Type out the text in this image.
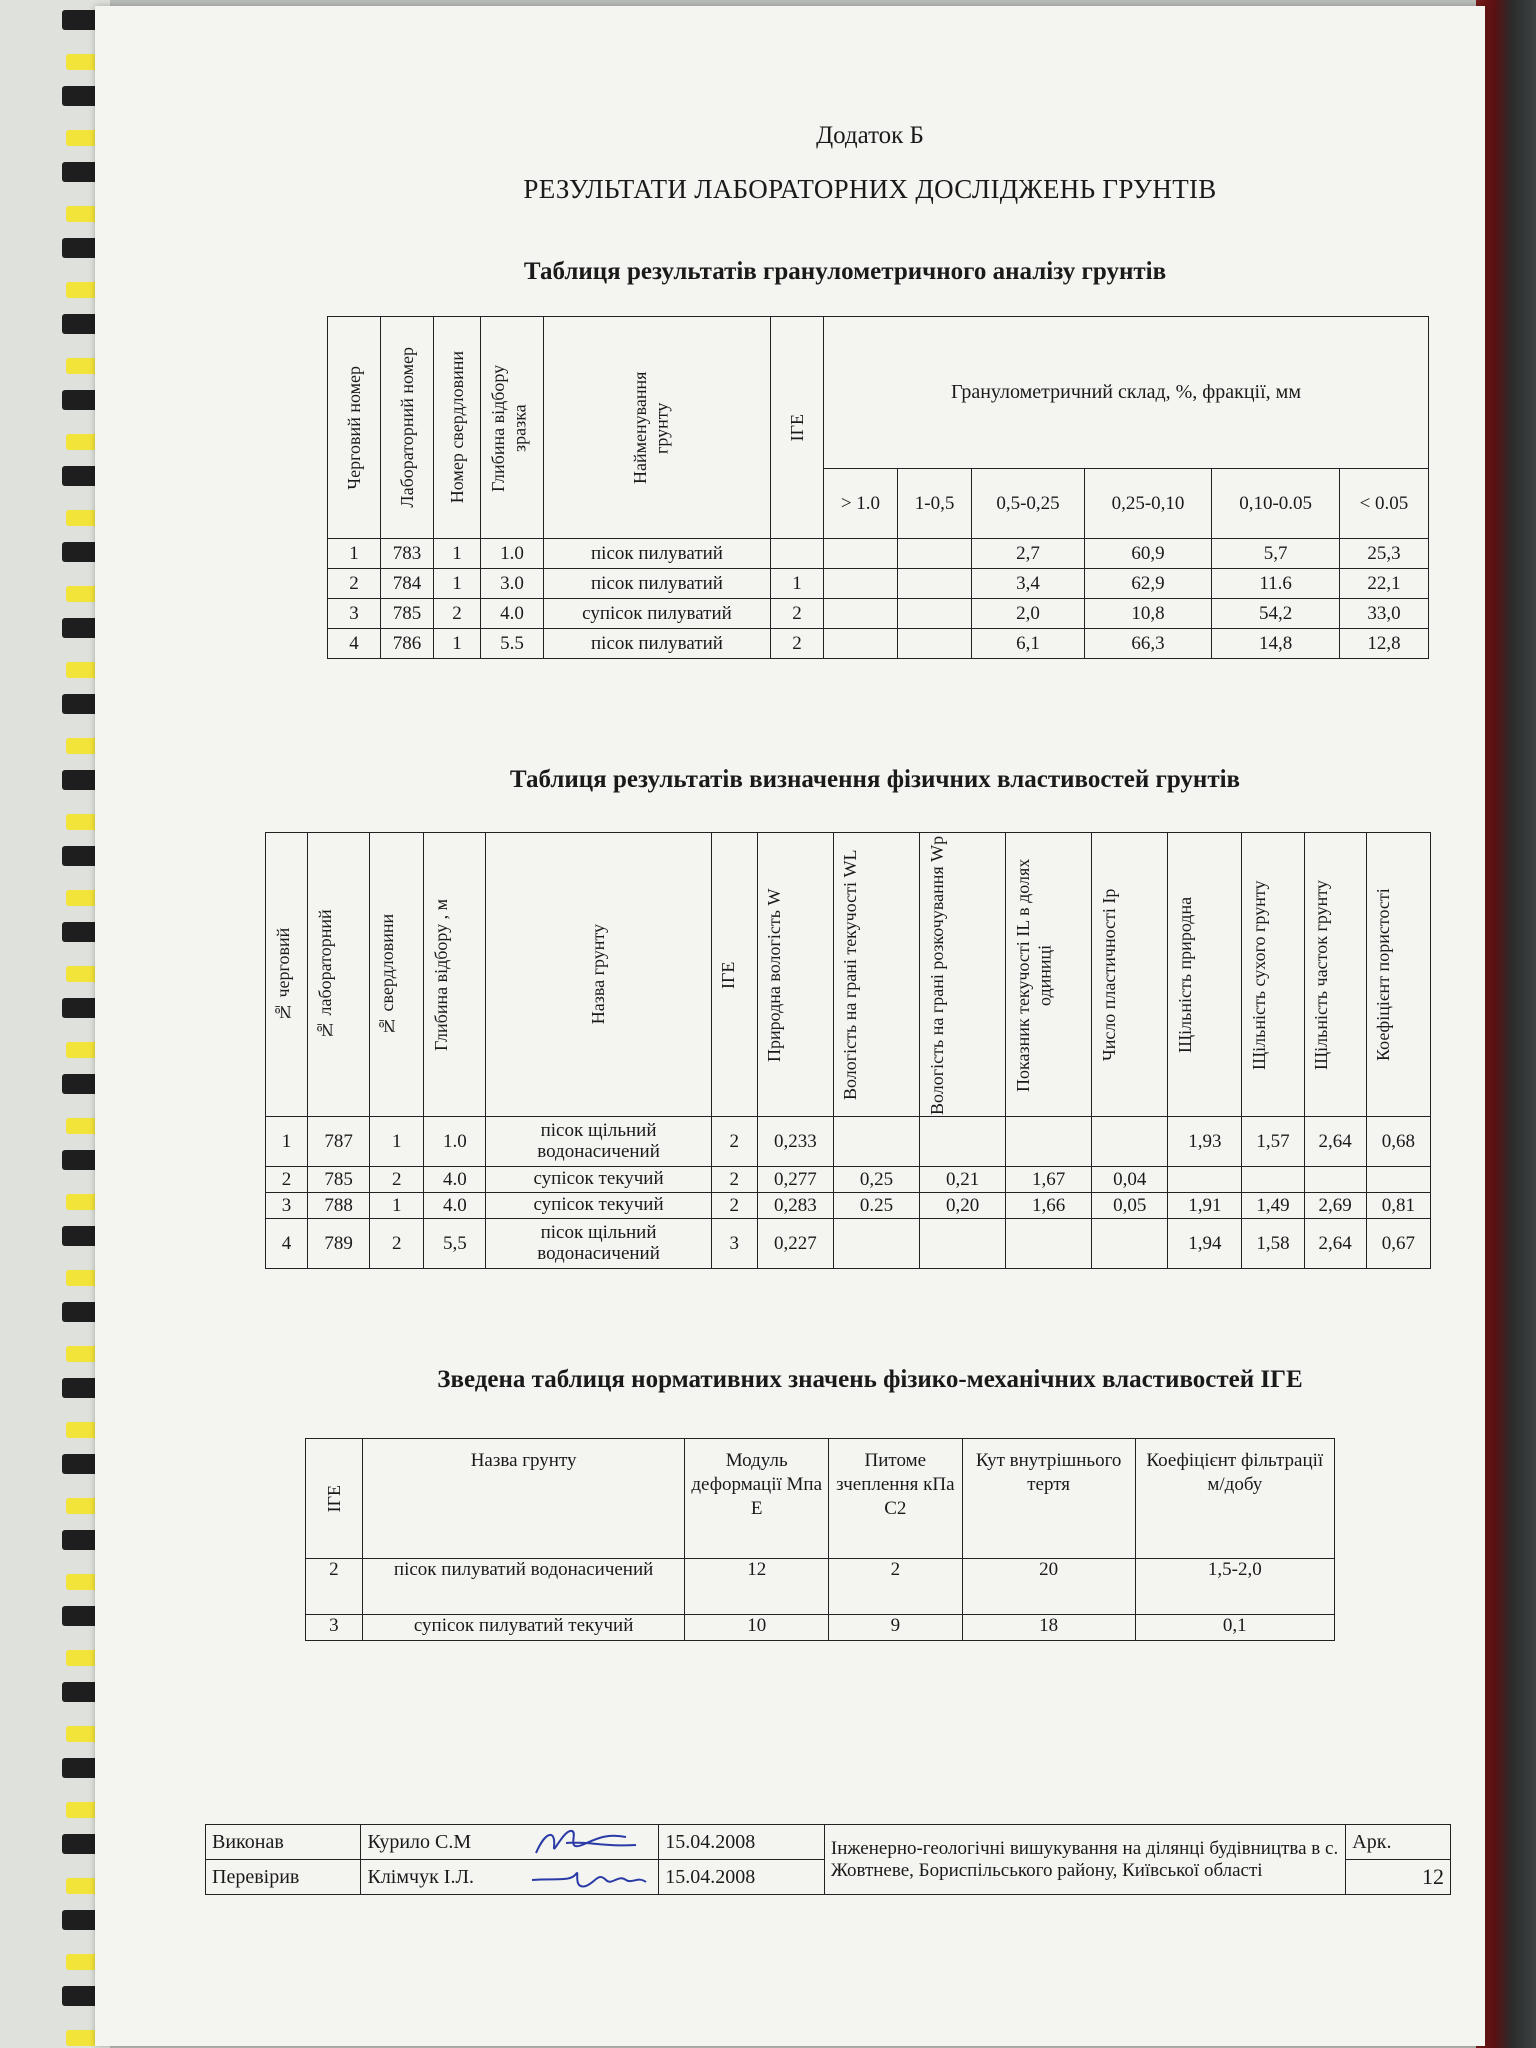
Додаток Б
РЕЗУЛЬТАТИ ЛАБОРАТОРНИХ ДОСЛІДЖЕНЬ ГРУНТІВ
Таблиця результатів гранулометричного аналізу грунтів
Черговий номер	Лабораторний номер	Номер свердловини	Глибина відбору зразка	Найменування грунту	ІГЕ	Гранулометричний склад, %, фракції, мм					
						> 1.0	1-0,5	0,5-0,25	0,25-0,10	0,10-0.05	< 0.05
1	783	1	1.0	пісок пилуватий				2,7	60,9	5,7	25,3
2	784	1	3.0	пісок пилуватий	1			3,4	62,9	11.6	22,1
3	785	2	4.0	супісок пилуватий	2			2,0	10,8	54,2	33,0
4	786	1	5.5	пісок пилуватий	2			6,1	66,3	14,8	12,8
Таблиця результатів визначення фізичних властивостей грунтів
№ черговий	№ лабораторний	№ свердловини	Глибина відбору , м	Назва грунту	ІГЕ	Природна вологість W	Вологість на грані текучості WL	Вологість на грані розкочування Wp	Показник текучості IL в долях одиниці	Число пластичності Ip	Щільність природна	Щільність сухого грунту	Щільність часток грунту	Коефіцієнт пористості

1	787	1	1.0	пісок щільний водонасичений	2	0,233					1,93	1,57	2,64	0,68
2	785	2	4.0	супісок текучий	2	0,277	0,25	0,21	1,67	0,04				
3	788	1	4.0	супісок текучий	2	0,283	0.25	0,20	1,66	0,05	1,91	1,49	2,69	0,81
4	789	2	5,5	пісок щільний водонасичений	3	0,227					1,94	1,58	2,64	0,67
Зведена таблиця нормативних значень фізико-механічних властивостей ІГЕ
ІГЕ	Назва грунту	Модуль деформації Мпа Е	Питоме зчеплення кПа C2	Кут внутрішнього тертя	Коефіцієнт фільтрації м/добу
2	пісок пилуватий водонасичений	12	2	20	1,5-2,0
3	супісок пилуватий текучий	10	9	18	0,1
Виконав	Курило С.М		15.04.2008	Інженерно-геологічні вишукування на ділянці будівництва в с. Жовтневе, Бориспільського району, Київської області	Арк.
Перевірив	Клімчук І.Л.		15.04.2008		12
